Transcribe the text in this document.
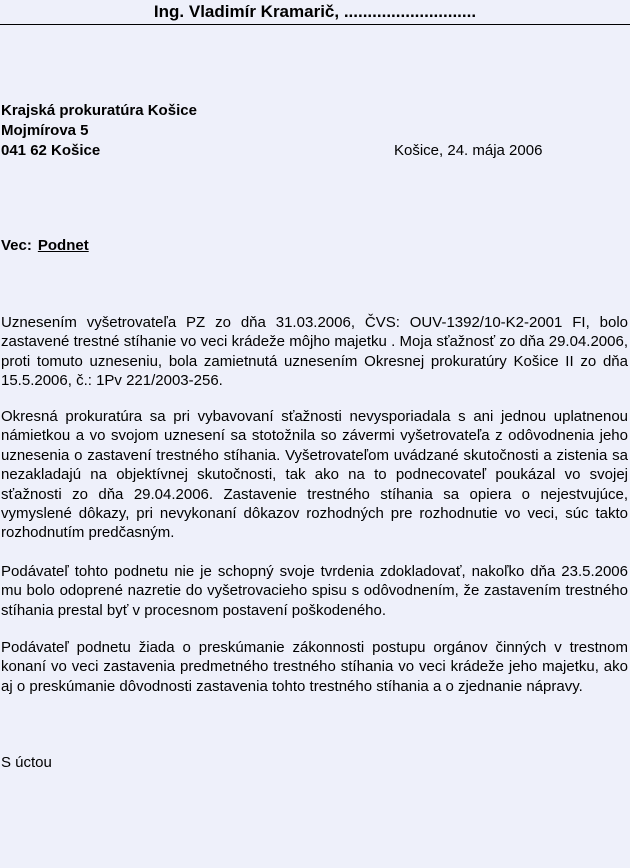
Ing. Vladimír Kramarič, ............................
Krajská prokuratúra Košice
Mojmírova 5
041 62 Košice	Košice, 24. mája 2006
Vec: Podnet
Uznesením vyšetrovateľa PZ zo dňa 31.03.2006, ČVS: OUV-1392/10-K2-2001 FI, bolo zastavené trestné stíhanie vo veci krádeže môjho majetku . Moja sťažnosť zo dňa 29.04.2006, proti tomuto uzneseniu, bola zamietnutá uznesením Okresnej prokuratúry Košice II zo dňa 15.5.2006, č.: 1Pv 221/2003-256.
Okresná prokuratúra sa pri vybavovaní sťažnosti nevysporiadala s ani jednou uplatnenou námietkou a vo svojom uznesení sa stotožnila so závermi vyšetrovateľa z odôvodnenia jeho uznesenia o zastavení trestného stíhania. Vyšetrovateľom uvádzané skutočnosti a zistenia sa nezakladajú na objektívnej skutočnosti, tak ako na to podnecovateľ poukázal vo svojej sťažnosti zo dňa 29.04.2006. Zastavenie trestného stíhania sa opiera o nejestvujúce, vymyslené dôkazy, pri nevykonaní dôkazov rozhodných pre rozhodnutie vo veci, súc takto rozhodnutím predčasným.
Podávateľ tohto podnetu nie je schopný svoje tvrdenia zdokladovať, nakoľko dňa 23.5.2006 mu bolo odoprené nazretie do vyšetrovacieho spisu s odôvodnením, že zastavením trestného stíhania prestal byť v procesnom postavení poškodeného.
Podávateľ podnetu žiada o preskúmanie zákonnosti postupu orgánov činných v trestnom konaní vo veci zastavenia predmetného trestného stíhania vo veci krádeže jeho majetku, ako aj o preskúmanie dôvodnosti zastavenia tohto trestného stíhania a o zjednanie nápravy.
S úctou
